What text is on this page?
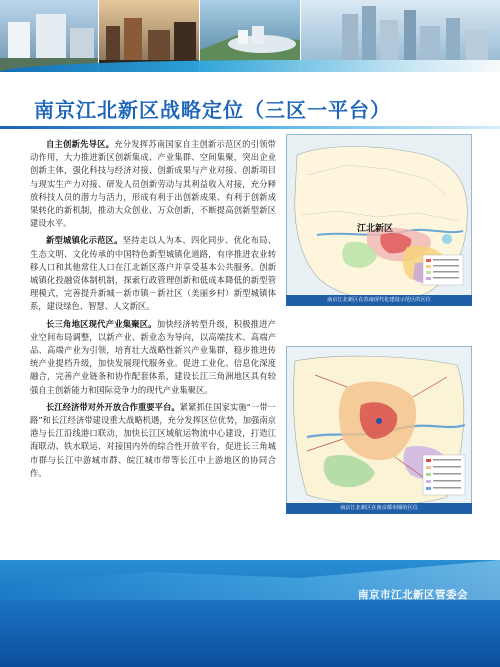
南京江北新区战略定位（三区一平台）

自主创新先导区。充分发挥苏南国家自主创新示范区的引领带动作用，大力推进新区创新集成、产业集群、空间集聚，突出企业创新主体，强化科技与经济对接、创新成果与产业对接、创新项目与现实生产力对接、研发人员创新劳动与其利益收入对接，充分释放科技人员的潜力与活力，形成有利于出创新成果、有利于创新成果转化的新机制，推动大众创业、万众创新，不断提高创新型新区建设水平。

新型城镇化示范区。坚持走以人为本、四化同步、优化布局、生态文明、文化传承的中国特色新型城镇化道路，有序推进农业转移人口和其他常住人口在江北新区落户并享受基本公共服务。创新城镇化投融资体制机制，探索行政管理创新和低成本降低的新型管理模式，完善提升新城－新市镇－新社区（美丽乡村）新型城镇体系，建设绿色、智慧、人文新区。

长三角地区现代产业集聚区。加快经济转型升级，积极推进产业空间布局调整，以新产业、新业态为导向，以高端技术、高端产品、高端产业为引领，培育壮大战略性新兴产业集群，稳步推进传统产业提档升级，加快发展现代服务业。促进工业化、信息化深度融合，完善产业链条和协作配套体系，建设长江三角洲地区具有较强自主创新能力和国际竞争力的现代产业集聚区。

长江经济带对外开放合作重要平台。紧紧抓住国家实施“一带一路”和长江经济带建设重大战略机遇，充分发挥区位优势，加强南京港与长江沿线港口联动，加快长江区域航运物流中心建设，打造江海联动、铁水联运、对接国内外的综合性开放平台，促进长三角城市群与长江中游城市群、皖江城市带等长江中上游地区的协同合作。

江北新区
南京江北新区在苏南现代化建设示范区的区位
南京江北新区在南京都市圈的区位
南京市江北新区管委会
